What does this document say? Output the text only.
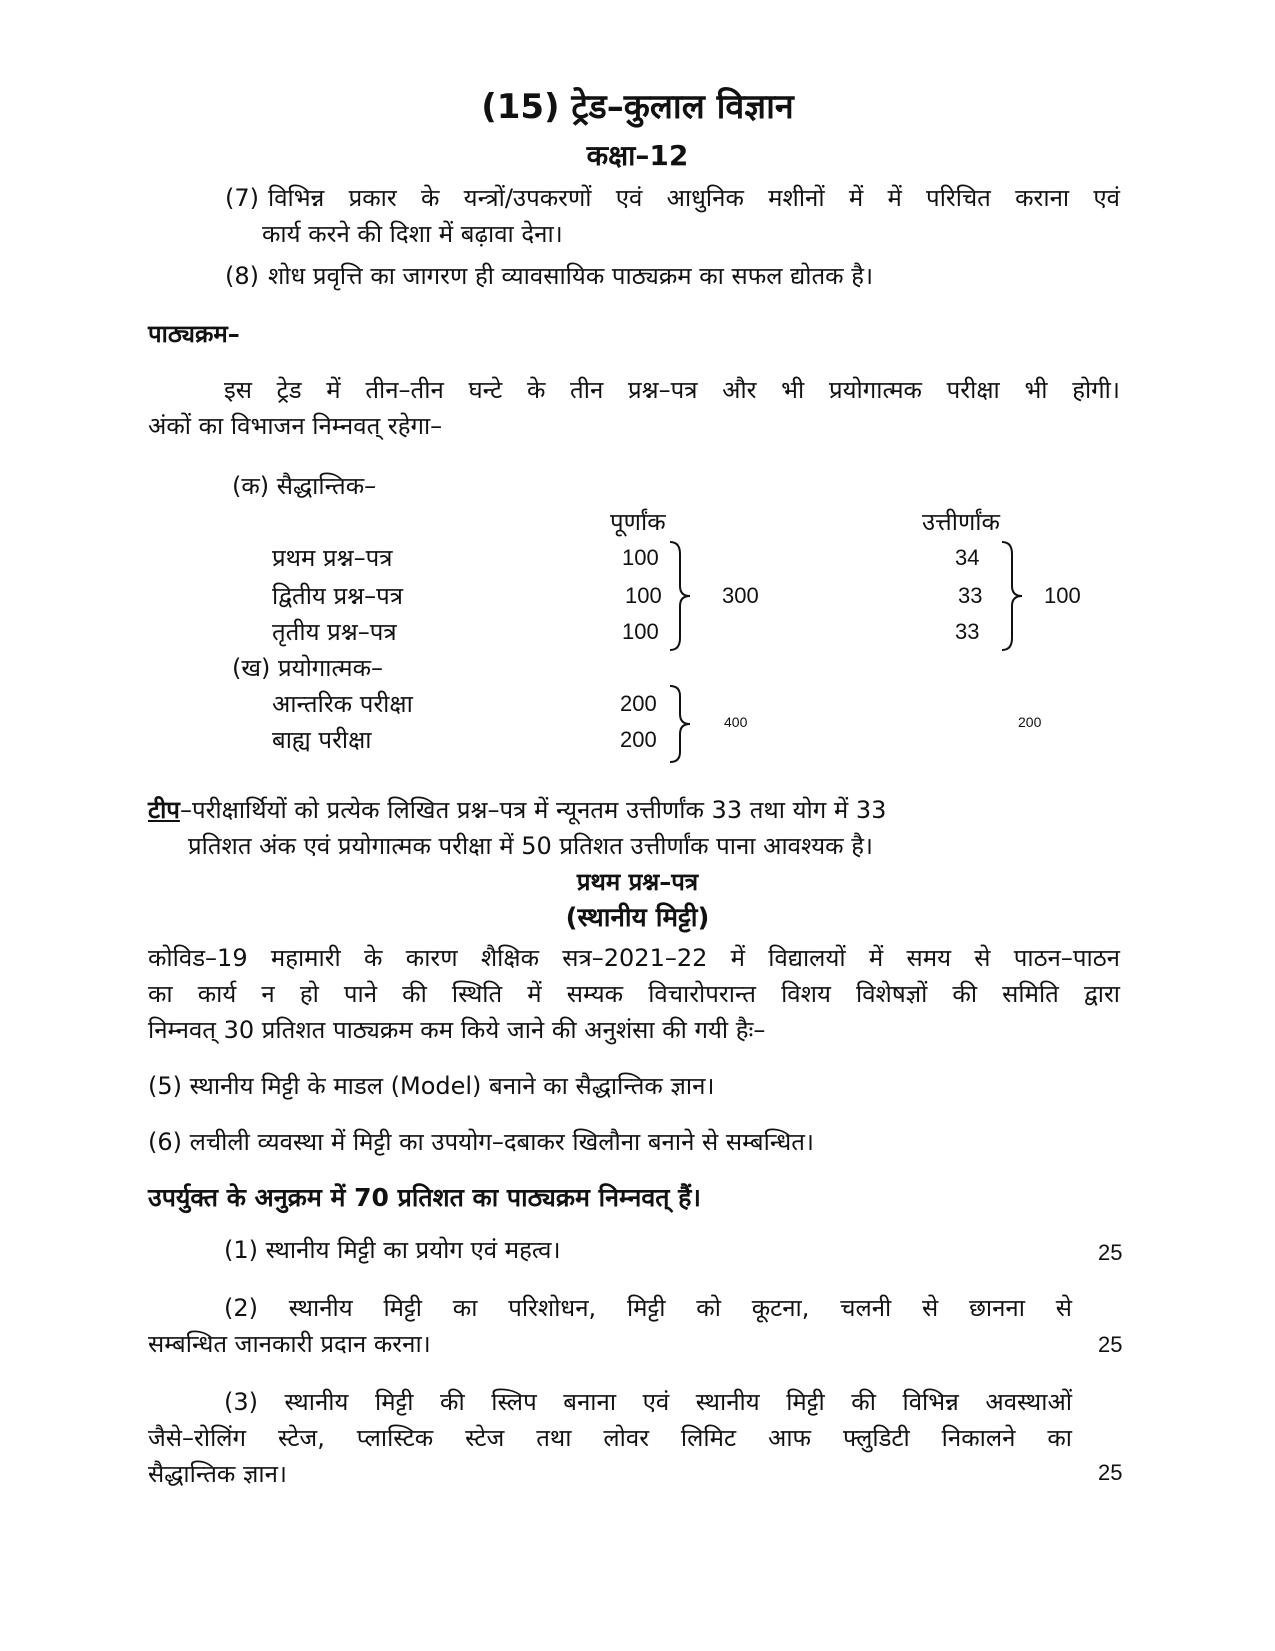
(15) ट्रेड–कुलाल विज्ञान
कक्षा–12
(7) विभिन्न प्रकार के यन्त्रों/उपकरणों एवं आधुनिक मशीनों में में परिचित कराना एवं
कार्य करने की दिशा में बढ़ावा देना।
(8) शोध प्रवृत्ति का जागरण ही व्यावसायिक पाठ्यक्रम का सफल द्योतक है।
पाठ्यक्रम–
इस ट्रेड में तीन–तीन घन्टे के तीन प्रश्न–पत्र और भी प्रयोगात्मक परीक्षा भी होगी।
अंकों का विभाजन निम्नवत् रहेगा–
(क) सैद्धान्तिक–
पूर्णांक	उत्तीर्णांक
प्रथम प्रश्न–पत्र	100	34
द्वितीय प्रश्न–पत्र	100	33
तृतीय प्रश्न–पत्र	100	33
300	100
(ख) प्रयोगात्मक–
आन्तरिक परीक्षा	200
बाह्य परीक्षा	200
400	200
टीप–परीक्षार्थियों को प्रत्येक लिखित प्रश्न–पत्र में न्यूनतम उत्तीर्णांक 33 तथा योग में 33
प्रतिशत अंक एवं प्रयोगात्मक परीक्षा में 50 प्रतिशत उत्तीर्णांक पाना आवश्यक है।
प्रथम प्रश्न–पत्र
(स्थानीय मिट्टी)
कोविड–19 महामारी के कारण शैक्षिक सत्र–2021–22 में विद्यालयों में समय से पाठन–पाठन
का कार्य न हो पाने की स्थिति में सम्यक विचारोपरान्त विशय विशेषज्ञों की समिति द्वारा
निम्नवत् 30 प्रतिशत पाठ्यक्रम कम किये जाने की अनुशंसा की गयी हैः–
(5) स्थानीय मिट्टी के माडल (Model) बनाने का सैद्धान्तिक ज्ञान।
(6) लचीली व्यवस्था में मिट्टी का उपयोग–दबाकर खिलौना बनाने से सम्बन्धित।
उपर्युक्त के अनुक्रम में 70 प्रतिशत का पाठ्यक्रम निम्नवत् हैं।
(1) स्थानीय मिट्टी का प्रयोग एवं महत्व।	25
(2) स्थानीय मिट्टी का परिशोधन, मिट्टी को कूटना, चलनी से छानना से
सम्बन्धित जानकारी प्रदान करना।	25
(3) स्थानीय मिट्टी की स्लिप बनाना एवं स्थानीय मिट्टी की विभिन्न अवस्थाओं
जैसे–रोलिंग स्टेज, प्लास्टिक स्टेज तथा लोवर लिमिट आफ फ्लुडिटी निकालने का
सैद्धान्तिक ज्ञान।	25
